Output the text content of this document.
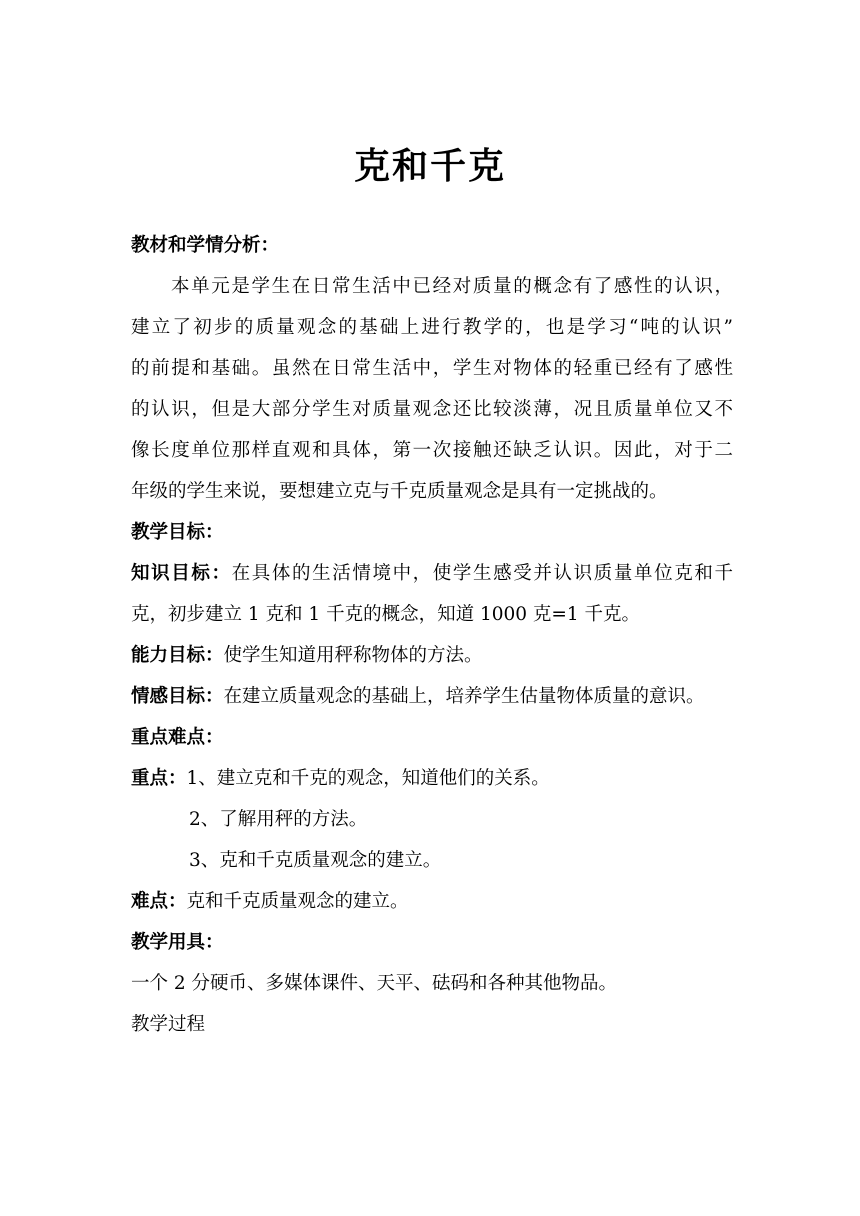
克和千克
教材和学情分析：
本单元是学生在日常生活中已经对质量的概念有了感性的认识，
建立了初步的质量观念的基础上进行教学的，也是学习“吨的认识”
的前提和基础。虽然在日常生活中，学生对物体的轻重已经有了感性
的认识，但是大部分学生对质量观念还比较淡薄，况且质量单位又不
像长度单位那样直观和具体，第一次接触还缺乏认识。因此，对于二
年级的学生来说，要想建立克与千克质量观念是具有一定挑战的。
教学目标：
知识目标：在具体的生活情境中，使学生感受并认识质量单位克和千
克，初步建立 1 克和 1 千克的概念，知道 1000 克=1 千克。
能力目标：使学生知道用秤称物体的方法。
情感目标：在建立质量观念的基础上，培养学生估量物体质量的意识。
重点难点：
重点：1、建立克和千克的观念，知道他们的关系。
2、了解用秤的方法。
3、克和千克质量观念的建立。
难点：克和千克质量观念的建立。
教学用具：
一个 2 分硬币、多媒体课件、天平、砝码和各种其他物品。
教学过程
